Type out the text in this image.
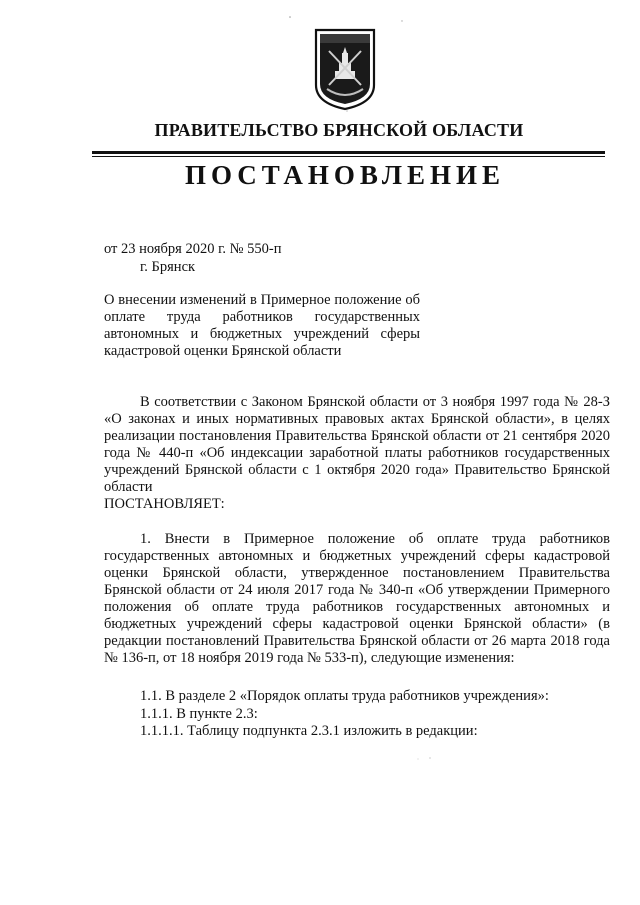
ПРАВИТЕЛЬСТВО БРЯНСКОЙ ОБЛАСТИ
ПОСТАНОВЛЕНИЕ
от 23 ноября 2020 г. № 550-п
г. Брянск
О внесении изменений в Примерное положение об оплате труда работников государственных автономных и бюджетных учреждений сферы кадастровой оценки Брянской области
В соответствии с Законом Брянской области от 3 ноября 1997 года № 28-З «О законах и иных нормативных правовых актах Брянской области», в целях реализации постановления Правительства Брянской области от 21 сентября 2020 года № 440-п «Об индексации заработной платы работников государственных учреждений Брянской области с 1 октября 2020 года» Правительство Брянской области
ПОСТАНОВЛЯЕТ:
1. Внести в Примерное положение об оплате труда работников государственных автономных и бюджетных учреждений сферы кадастровой оценки Брянской области, утвержденное постановлением Правительства Брянской области от 24 июля 2017 года № 340-п «Об утверждении Примерного положения об оплате труда работников государственных автономных и бюджетных учреждений сферы кадастровой оценки Брянской области» (в редакции постановлений Правительства Брянской области от 26 марта 2018 года № 136-п, от 18 ноября 2019 года № 533-п), следующие изменения:
1.1. В разделе 2 «Порядок оплаты труда работников учреждения»:
1.1.1. В пункте 2.3:
1.1.1.1. Таблицу подпункта 2.3.1 изложить в редакции:
